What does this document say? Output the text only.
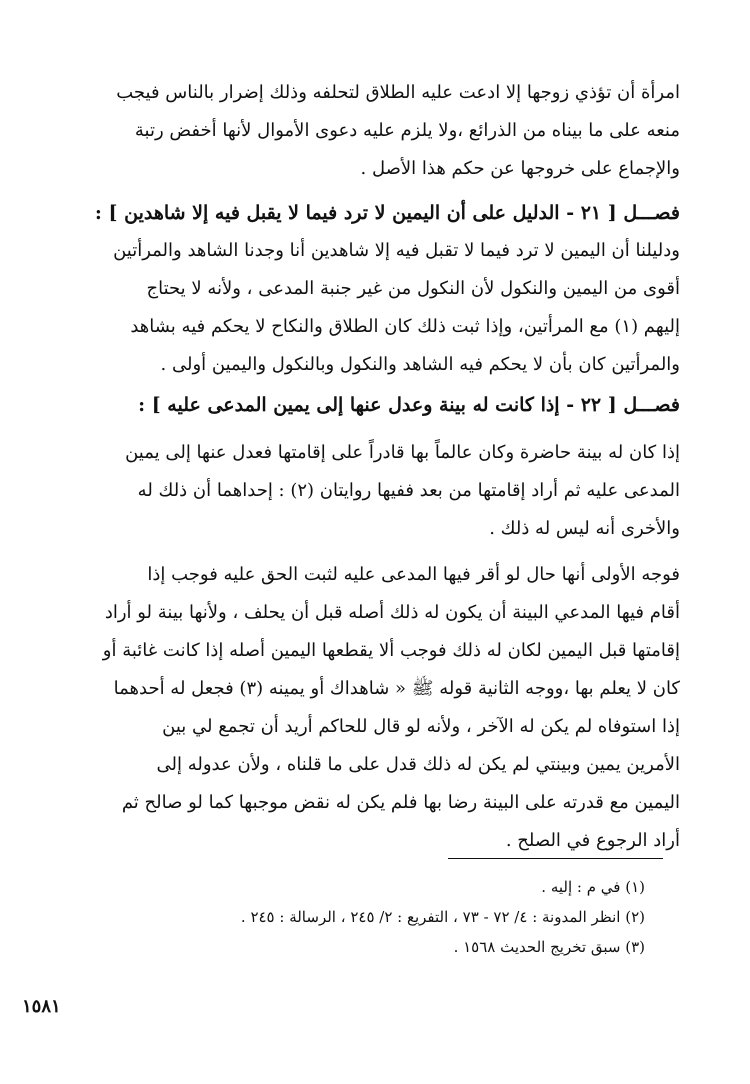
امرأة أن تؤذي زوجها إلا ادعت عليه الطلاق لتحلفه وذلك إضرار بالناس فيجب
منعه على ما بيناه من الذرائع ،ولا يلزم عليه دعوى الأموال لأنها أخفض رتبة
والإجماع على خروجها عن حكم هذا الأصل .
فصـــل [ ٢١ - الدليل على أن اليمين لا ترد فيما لا يقبل فيه إلا شاهدين ] :
ودليلنا أن اليمين لا ترد فيما لا تقبل فيه إلا شاهدين أنا وجدنا الشاهد والمرأتين
أقوى من اليمين والنكول لأن النكول من غير جنبة المدعى ، ولأنه لا يحتاج
إليهم (١) مع المرأتين، وإذا ثبت ذلك كان الطلاق والنكاح لا يحكم فيه بشاهد
والمرأتين كان بأن لا يحكم فيه الشاهد والنكول وبالنكول واليمين أولى .
فصـــل [ ٢٢ - إذا كانت له بينة وعدل عنها إلى يمين المدعى عليه ] :
إذا كان له بينة حاضرة وكان عالماً بها قادراً على إقامتها فعدل عنها إلى يمين
المدعى عليه ثم أراد إقامتها من بعد ففيها روايتان (٢) : إحداهما أن ذلك له
والأخرى أنه ليس له ذلك .
فوجه الأولى أنها حال لو أقر فيها المدعى عليه لثبت الحق عليه فوجب إذا
أقام فيها المدعي البينة أن يكون له ذلك أصله قبل أن يحلف ، ولأنها بينة لو أراد
إقامتها قبل اليمين لكان له ذلك فوجب ألا يقطعها اليمين أصله إذا كانت غائبة أو
كان لا يعلم بها ،ووجه الثانية قوله ﷺ « شاهداك أو يمينه (٣) فجعل له أحدهما
إذا استوفاه لم يكن له الآخر ، ولأنه لو قال للحاكم أريد أن تجمع لي بين
الأمرين يمين وبينتي لم يكن له ذلك قدل على ما قلناه ، ولأن عدوله إلى
اليمين مع قدرته على البينة رضا بها فلم يكن له نقض موجبها كما لو صالح ثم
أراد الرجوع في الصلح .
(١) في م : إليه .
(٢) انظر المدونة : ٤/ ٧٢ - ٧٣ ، التفريع : ٢/ ٢٤٥ ، الرسالة : ٢٤٥ .
(٣) سبق تخريج الحديث ١٥٦٨ .
١٥٨١
